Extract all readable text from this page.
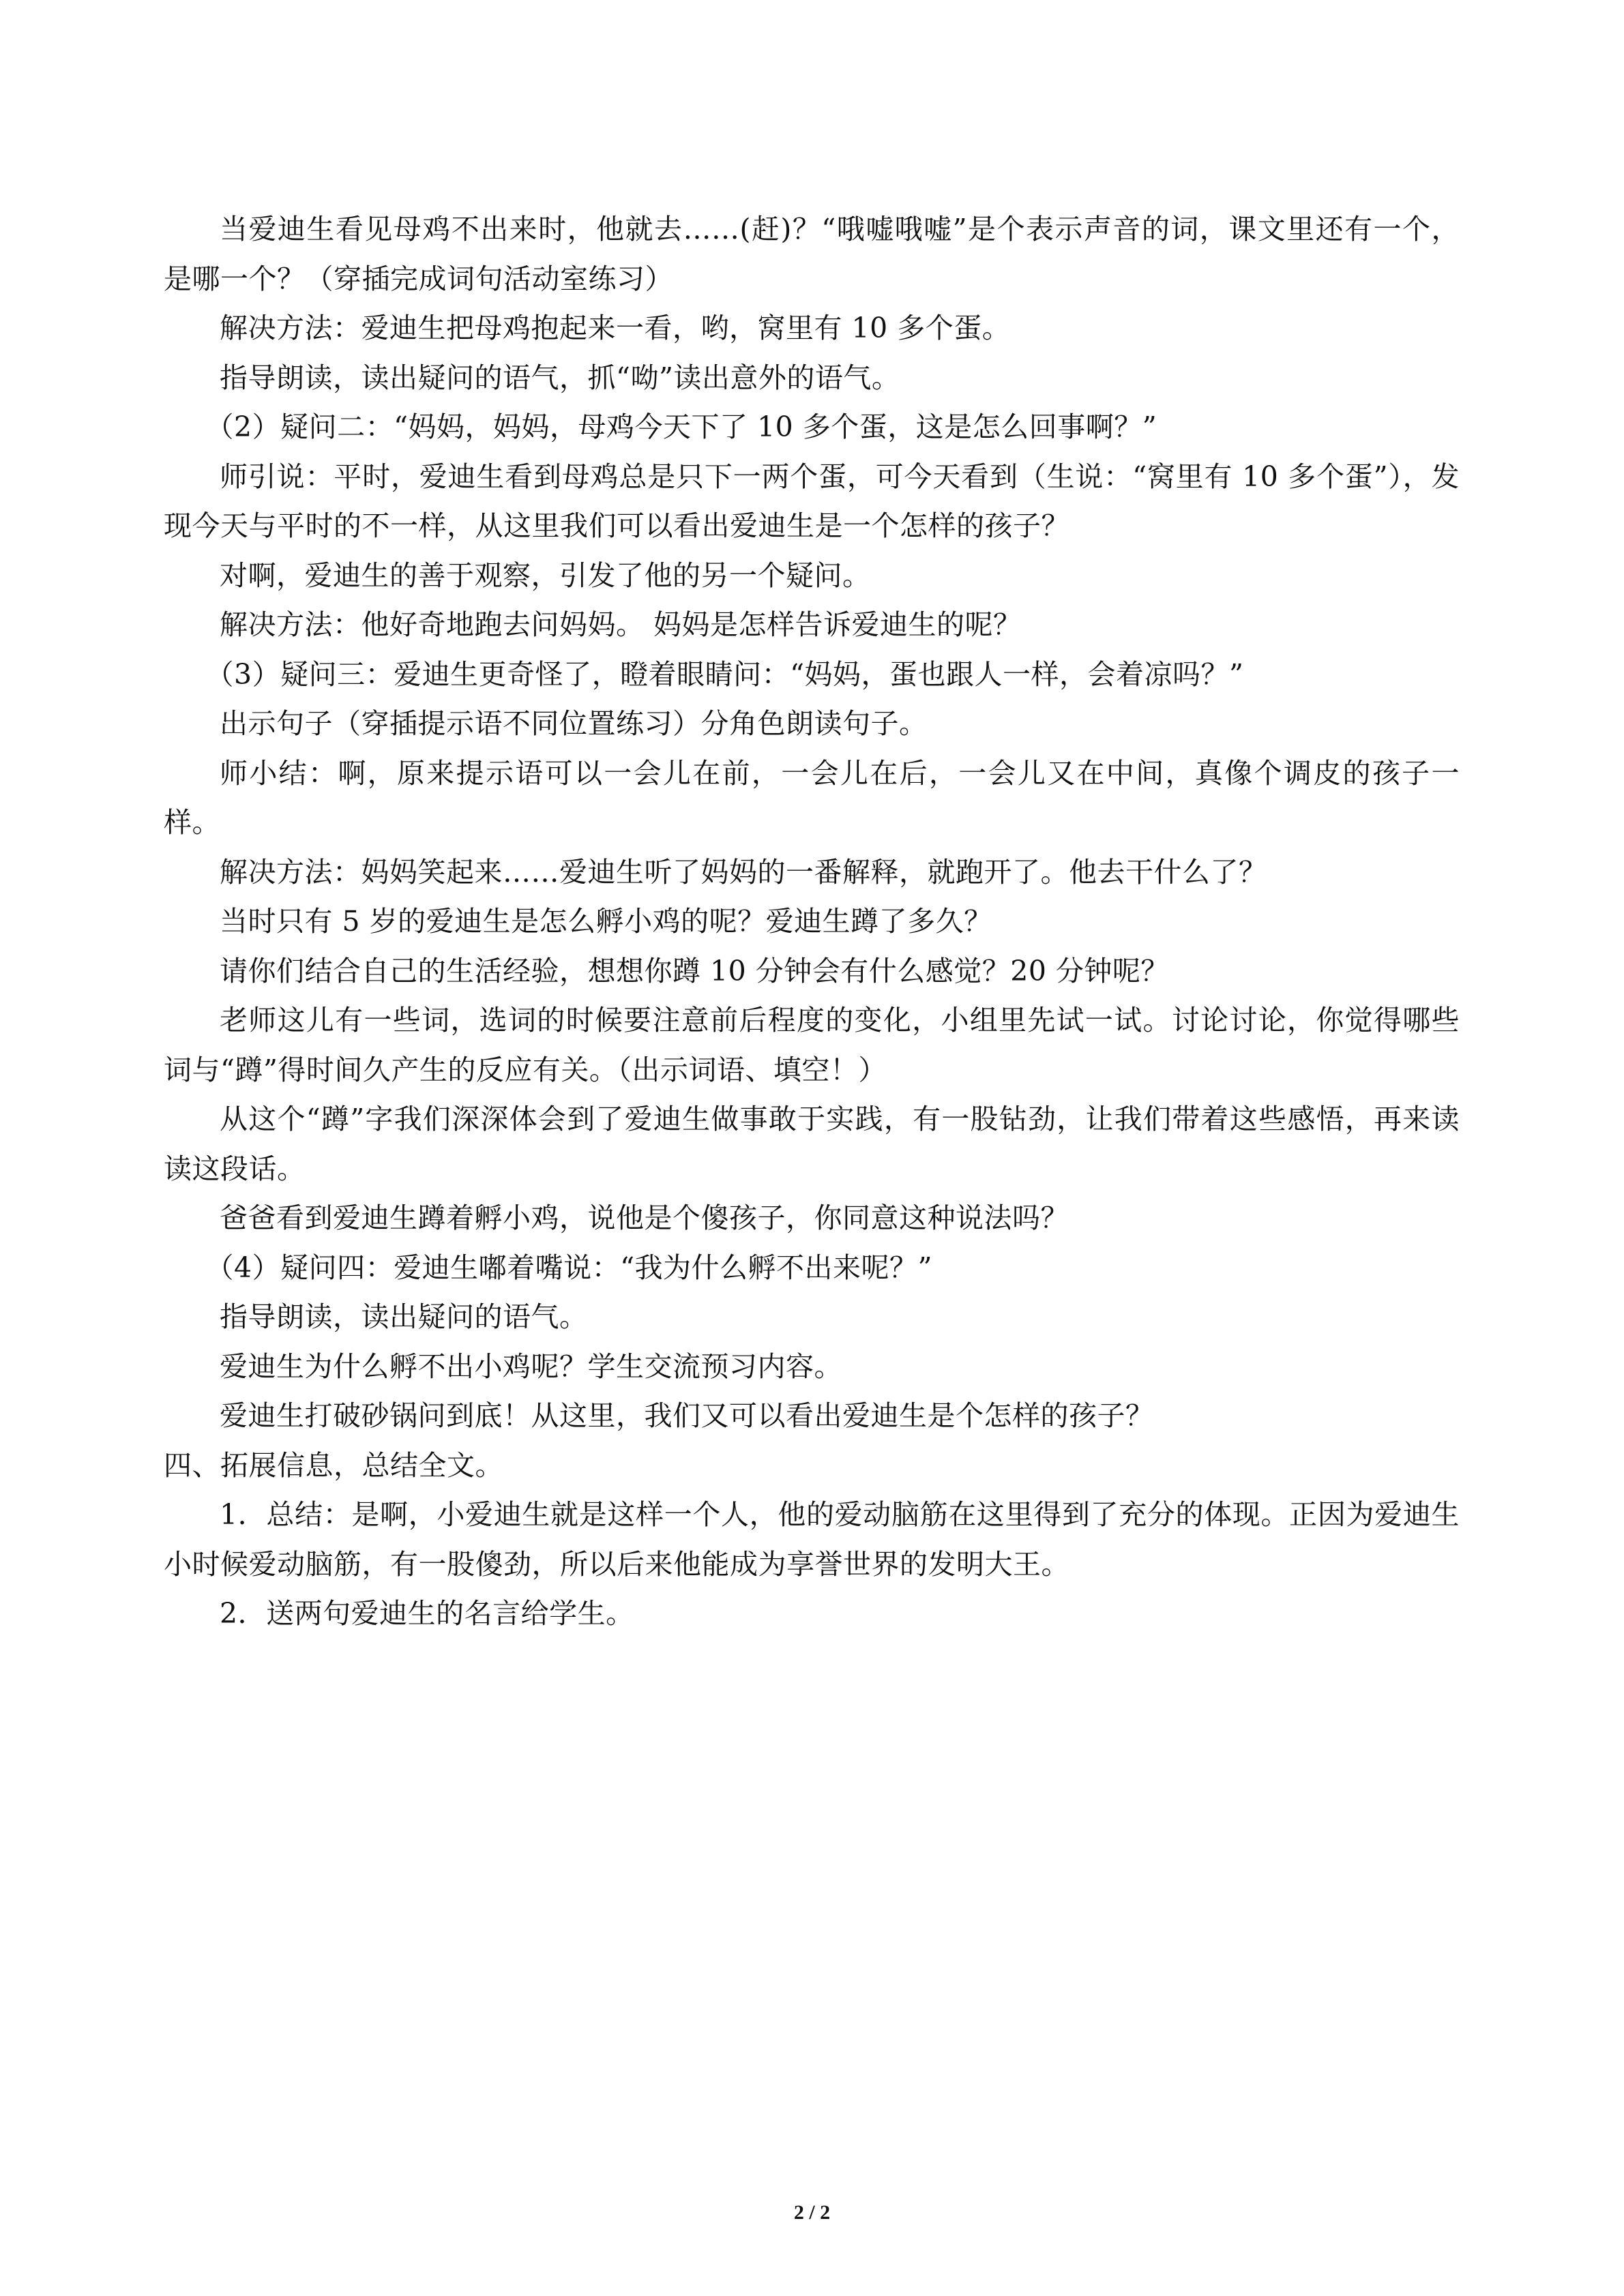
当爱迪生看见母鸡不出来时，他就去……(赶)？“哦嘘哦嘘”是个表示声音的词，课文里还有一个，是哪一个？（穿插完成词句活动室练习）

解决方法：爱迪生把母鸡抱起来一看，哟，窝里有 10 多个蛋。

指导朗读，读出疑问的语气，抓“呦”读出意外的语气。

（2）疑问二：“妈妈，妈妈，母鸡今天下了 10 多个蛋，这是怎么回事啊？”

师引说：平时，爱迪生看到母鸡总是只下一两个蛋，可今天看到（生说：“窝里有 10 多个蛋”），发现今天与平时的不一样，从这里我们可以看出爱迪生是一个怎样的孩子？

对啊，爱迪生的善于观察，引发了他的另一个疑问。

解决方法：他好奇地跑去问妈妈。 妈妈是怎样告诉爱迪生的呢？

（3）疑问三：爱迪生更奇怪了，瞪着眼睛问：“妈妈，蛋也跟人一样，会着凉吗？”

出示句子（穿插提示语不同位置练习）分角色朗读句子。

师小结：啊，原来提示语可以一会儿在前，一会儿在后，一会儿又在中间，真像个调皮的孩子一样。

解决方法：妈妈笑起来……爱迪生听了妈妈的一番解释，就跑开了。他去干什么了？

当时只有 5 岁的爱迪生是怎么孵小鸡的呢？爱迪生蹲了多久？

请你们结合自己的生活经验，想想你蹲 10 分钟会有什么感觉？20 分钟呢？

老师这儿有一些词，选词的时候要注意前后程度的变化，小组里先试一试。讨论讨论，你觉得哪些词与“蹲”得时间久产生的反应有关。（出示词语、填空！）

从这个“蹲”字我们深深体会到了爱迪生做事敢于实践，有一股钻劲，让我们带着这些感悟，再来读读这段话。

爸爸看到爱迪生蹲着孵小鸡，说他是个傻孩子，你同意这种说法吗？

（4）疑问四：爱迪生嘟着嘴说：“我为什么孵不出来呢？”

指导朗读，读出疑问的语气。

爱迪生为什么孵不出小鸡呢？学生交流预习内容。

爱迪生打破砂锅问到底！从这里，我们又可以看出爱迪生是个怎样的孩子？

四、拓展信息，总结全文。

1．总结：是啊，小爱迪生就是这样一个人，他的爱动脑筋在这里得到了充分的体现。正因为爱迪生小时候爱动脑筋，有一股傻劲，所以后来他能成为享誉世界的发明大王。

2．送两句爱迪生的名言给学生。

2 / 2
